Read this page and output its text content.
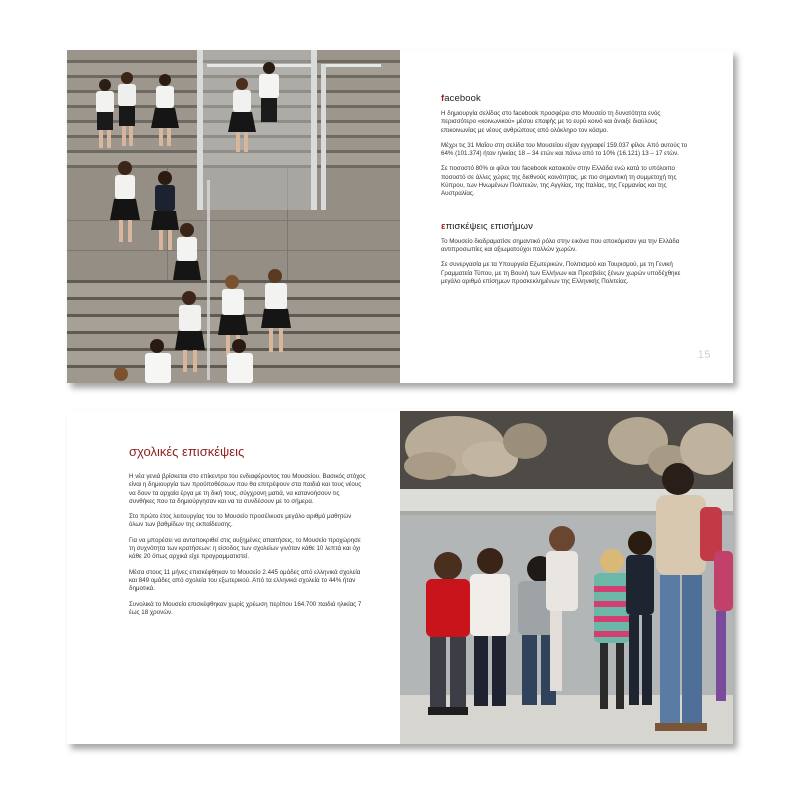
facebook

Η δημιουργία σελίδας στο facebook προσφέρει στο Μουσείο τη δυνατότητα ενός περισσότερο «κοινωνικού» μέσου επαφής με το ευρύ κοινό και άνοιξε διαύλους επικοινωνίας με νέους ανθρώπους από ολόκληρο τον κόσμο.

Μέχρι τις 31 Μαΐου στη σελίδα του Μουσείου είχαν εγγραφεί 159.037 φίλοι. Από αυτούς το 64% (101.374) ήταν ηλικίας 18 – 34 ετών και πάνω από το 10% (16.121) 13 – 17 ετών.

Σε ποσοστό 80% οι φίλοι του facebook κατοικούν στην Ελλάδα ενώ κατά το υπόλοιπο ποσοστό σε άλλες χώρες της διεθνούς κοινότητας, με πιο σημαντική τη συμμετοχή της Κύπρου, των Ηνωμένων Πολιτειών, της Αγγλίας, της Ιταλίας, της Γερμανίας και της Αυστραλίας.

επισκέψεις επισήμων

Το Μουσείο διαδραματίσε σημαντικό ρόλο στην εικόνα που αποκόμισαν για την Ελλάδα αντιπροσωπίες και αξιωματούχοι πολλών χωρών.

Σε συνεργασία με τα Υπουργεία Εξωτερικών, Πολιτισμού και Τουρισμού, με τη Γενική Γραμματεία Τύπου, με τη Βουλή των Ελλήνων και Πρεσβείες ξένων χωρών υποδέχθηκε μεγάλο αριθμό επίσημων προσκεκλημένων της Ελληνικής Πολιτείας.

15
σχολικές επισκέψεις

Η νέα γενιά βρίσκεται στο επίκεντρο του ενδιαφέροντος του Μουσείου. Βασικός στόχος είναι η δημιουργία των προϋποθέσεων που θα επιτρέψουν στα παιδιά και τους νέους να δουν τα αρχαία έργα με τη δική τους, σύγχρονη ματιά, να κατανοήσουν τις συνθήκες που τα δημιούργησαν και να τα συνδέσουν με το σήμερα.

Στο πρώτο έτος λειτουργίας του το Μουσείο προσέλκυσε μεγάλο αριθμό μαθητών όλων των βαθμίδων της εκπαίδευσης.

Για να μπορέσει να ανταποκριθεί στις αυξημένες απαιτήσεις, το Μουσείο προχώρησε τη συχνότητα των κρατήσεων: η είσοδος των σχολείων γινόταν κάθε 10 λεπτά και όχι κάθε 20 όπως αρχικά είχε προγραμματιστεί.

Μέσα στους 11 μήνες επισκέφθηκαν το Μουσείο 2.445 ομάδες από ελληνικά σχολεία και 849 ομάδες από σχολεία του εξωτερικού. Από τα ελληνικά σχολεία το 44% ήταν δημοτικά.

Συνολικά το Μουσείο επισκέφθηκαν χωρίς χρέωση περίπου 164.700 παιδιά ηλικίας 7 έως 18 χρονών.
